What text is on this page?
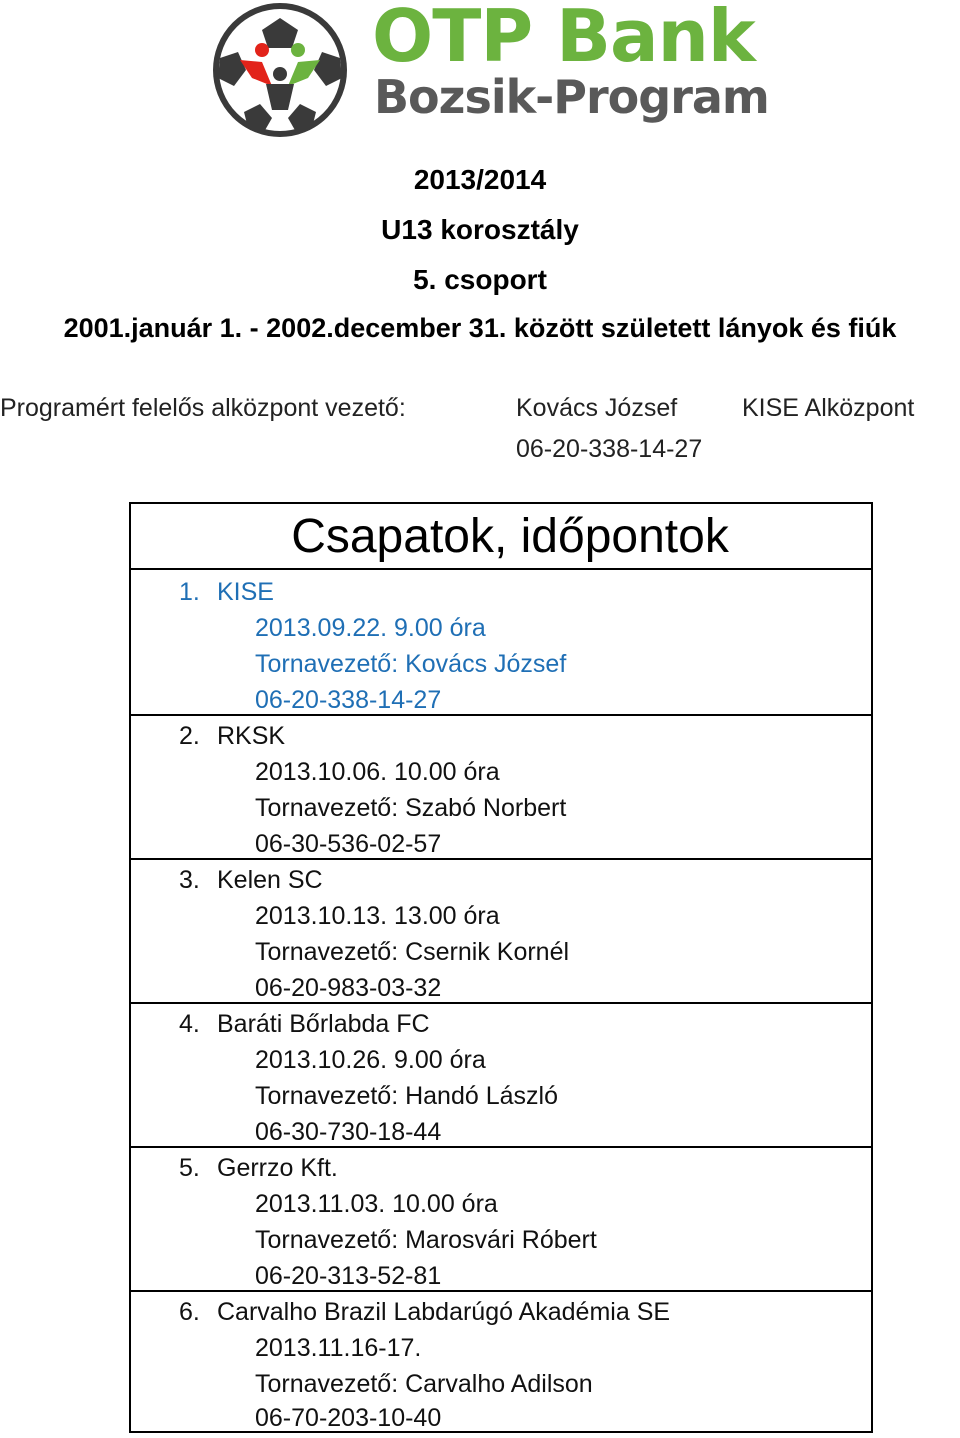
OTP Bank
Bozsik-Program
2013/2014
U13 korosztály
5. csoport
2001.január 1. - 2002.december 31. között született lányok és fiúk
Programért felelős alközpont vezető:	Kovács József	KISE Alközpont
06-20-338-14-27
Csapatok, időpontok
1. KISE
2013.09.22. 9.00 óra
Tornavezető: Kovács József
06-20-338-14-27
2. RKSK
2013.10.06. 10.00 óra
Tornavezető: Szabó Norbert
06-30-536-02-57
3. Kelen SC
2013.10.13. 13.00 óra
Tornavezető: Csernik Kornél
06-20-983-03-32
4. Baráti Bőrlabda FC
2013.10.26. 9.00 óra
Tornavezető: Handó László
06-30-730-18-44
5. Gerrzo Kft.
2013.11.03. 10.00 óra
Tornavezető: Marosvári Róbert
06-20-313-52-81
6. Carvalho Brazil Labdarúgó Akadémia SE
2013.11.16-17.
Tornavezető: Carvalho Adilson
06-70-203-10-40
